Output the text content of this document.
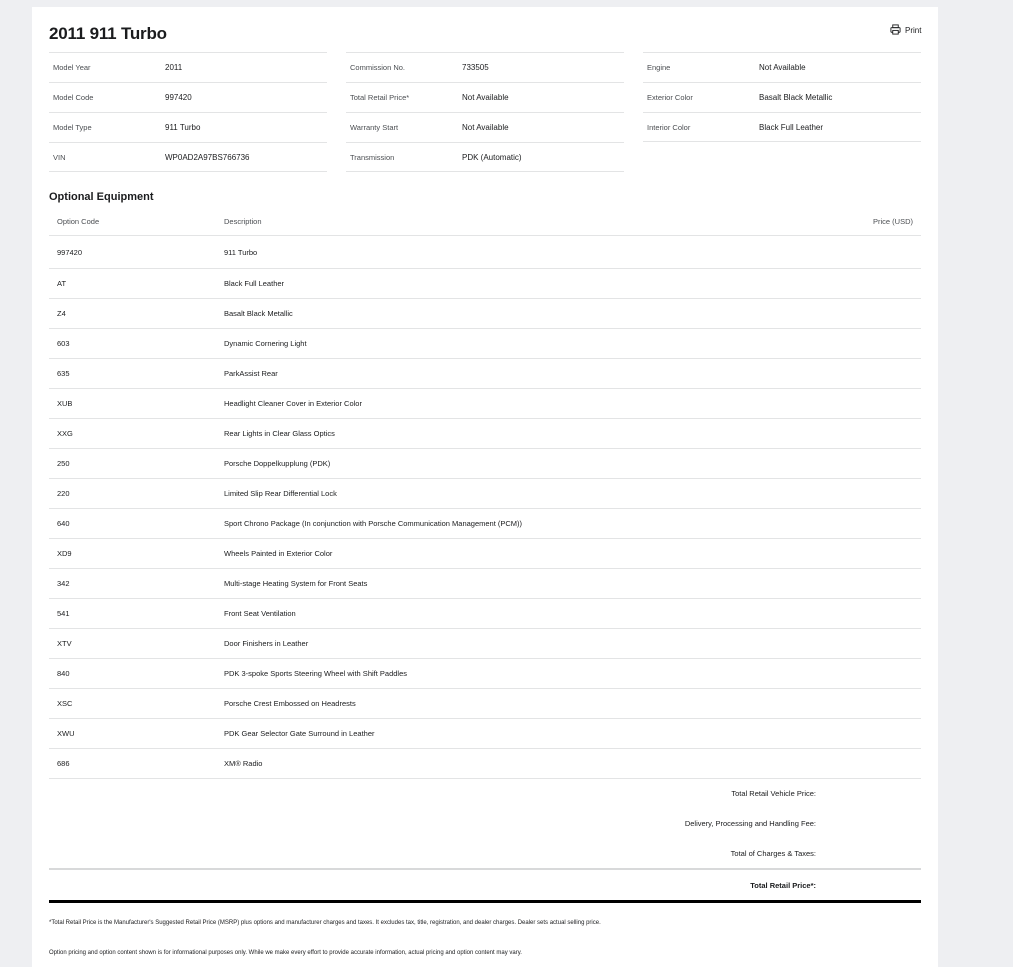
2011 911 Turbo	Print
Model Year	2011
Model Code	997420
Model Type	911 Turbo
VIN	WP0AD2A97BS766736
Commission No.	733505
Total Retail Price*	Not Available
Warranty Start	Not Available
Transmission	PDK (Automatic)
Engine	Not Available
Exterior Color	Basalt Black Metallic
Interior Color	Black Full Leather
Optional Equipment
Option Code	Description	Price (USD)
997420	911 Turbo
AT	Black Full Leather
Z4	Basalt Black Metallic
603	Dynamic Cornering Light
635	ParkAssist Rear
XUB	Headlight Cleaner Cover in Exterior Color
XXG	Rear Lights in Clear Glass Optics
250	Porsche Doppelkupplung (PDK)
220	Limited Slip Rear Differential Lock
640	Sport Chrono Package (In conjunction with Porsche Communication Management (PCM))
XD9	Wheels Painted in Exterior Color
342	Multi-stage Heating System for Front Seats
541	Front Seat Ventilation
XTV	Door Finishers in Leather
840	PDK 3-spoke Sports Steering Wheel with Shift Paddles
XSC	Porsche Crest Embossed on Headrests
XWU	PDK Gear Selector Gate Surround in Leather
686	XM® Radio
Total Retail Vehicle Price:
Delivery, Processing and Handling Fee:
Total of Charges & Taxes:
Total Retail Price*:
*Total Retail Price is the Manufacturer's Suggested Retail Price (MSRP) plus options and manufacturer charges and taxes. It excludes tax, title, registration, and dealer charges. Dealer sets actual selling price.
Option pricing and option content shown is for informational purposes only. While we make every effort to provide accurate information, actual pricing and option content may vary.
